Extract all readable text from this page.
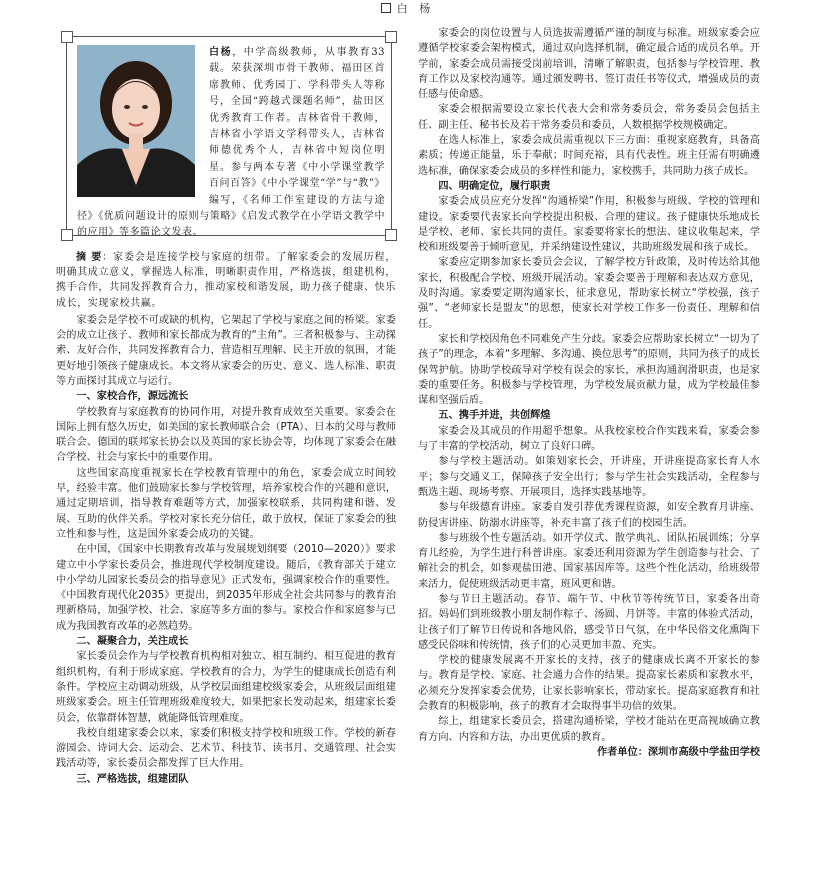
白 杨
白杨，中学高级教师，从事教育33载。荣获深圳市骨干教师、福田区首席教师、优秀园丁、学科带头人等称号，全国“跨越式课题名师”，盐田区优秀教育工作者。吉林省骨干教师，吉林省小学语文学科带头人，吉林省师德优秀个人，吉林省中短岗位明星。参与两本专著《中小学课堂教学百问百答》《中小学课堂“学”与“教”》编写，《名师工作室建设的方法与途径》《优质问题设计的原则与策略》《启发式教学在小学语文教学中的应用》等多篇论文发表。

摘 要：家委会是连接学校与家庭的纽带。了解家委会的发展历程，明确其成立意义，掌握选人标准，明晰职责作用，严格选拔，组建机构，携手合作，共同发挥教育合力，推动家校和谐发展，助力孩子健康、快乐成长，实现家校共赢。

家委会是学校不可或缺的机构，它架起了学校与家庭之间的桥梁。家委会的成立让孩子、教师和家长都成为教育的“主角”。三者积极参与、主动探索、友好合作，共同发挥教育合力，营造相互理解、民主开放的氛围，才能更好地引领孩子健康成长。本文将从家委会的历史、意义、选人标准、职责等方面探讨其成立与运行。

一、家校合作，源远流长

学校教育与家庭教育的协同作用，对提升教育成效至关重要。家委会在国际上拥有悠久历史，如美国的家长教师联合会（PTA）、日本的父母与教师联合会、德国的联邦家长协会以及英国的家长协会等，均体现了家委会在融合学校、社会与家长中的重要作用。

这些国家高度重视家长在学校教育管理中的角色，家委会成立时间较早，经验丰富。他们鼓励家长参与学校管理，培养家校合作的兴趣和意识，通过定期培训，指导教育难题等方式，加强家校联系，共同构建和谐、发展、互助的伙伴关系。学校对家长充分信任，敢于放权，保证了家委会的独立性和参与性，这是国外家委会成功的关键。

在中国，《国家中长期教育改革与发展规划纲要（2010—2020）》要求建立中小学家长委员会，推进现代学校制度建设。随后，《教育部关于建立中小学幼儿园家长委员会的指导意见》正式发布，强调家校合作的重要性。《中国教育现代化2035》更提出，到2035年形成全社会共同参与的教育治理新格局，加强学校、社会、家庭等多方面的参与。家校合作和家庭参与已成为我国教育改革的必然趋势。

二、凝聚合力，关注成长

家长委员会作为与学校教育机构相对独立、相互制约、相互促进的教育组织机构，有利于形成家庭、学校教育的合力，为学生的健康成长创造有利条件。学校应主动调动班级，从学校层面组建校级家委会，从班级层面组建班级家委会。班主任管理班级难度较大，如果把家长发动起来，组建家长委员会，依靠群体智慧，就能降低管理难度。

我校自组建家委会以来，家委们积极支持学校和班级工作。学校的新春游园会、诗词大会、运动会、艺术节、科技节、读书月、交通管理、社会实践活动等，家长委员会都发挥了巨大作用。

三、严格选拔，组建团队

家委会的岗位设置与人员选拔需遵循严谨的制度与标准。班级家委会应遵循学校家委会架构模式，通过双向选择机制，确定最合适的成员名单。开学前，家委会成员需接受岗前培训，清晰了解职责，包括参与学校管理、教育工作以及家校沟通等。通过颁发聘书、签订责任书等仪式，增强成员的责任感与使命感。

家委会根据需要设立家长代表大会和常务委员会，常务委员会包括主任、副主任、秘书长及若干常务委员和委员，人数根据学校规模确定。

在选人标准上，家委会成员需重视以下三方面：重视家庭教育，具备高素质；传递正能量，乐于奉献；时间充裕，具有代表性。班主任需有明确遴选标准，确保家委会成员的多样性和能力，家校携手，共同助力孩子成长。

四、明确定位，履行职责

家委会成员应充分发挥“沟通桥梁”作用，积极参与班级、学校的管理和建设。家委要代表家长向学校提出积极、合理的建议。孩子健康快乐地成长是学校、老师、家长共同的责任。家委要将家长的想法、建议收集起来，学校和班级要善于倾听意见，并采纳建设性建议，共助班级发展和孩子成长。

家委应定期参加家长委员会会议，了解学校方针政策，及时传达给其他家长，积极配合学校、班级开展活动。家委会要善于理解和表达双方意见，及时沟通。家委要定期沟通家长，征求意见，帮助家长树立“学校强，孩子强”、“老师家长是盟友”的思想，使家长对学校工作多一份责任、理解和信任。

家长和学校因角色不同难免产生分歧。家委会应帮助家长树立“一切为了孩子”的理念，本着“多理解、多沟通、换位思考”的原则，共同为孩子的成长保驾护航。协助学校疏导对学校有误会的家长，承担沟通润滑职责，也是家委的重要任务。积极参与学校管理，为学校发展贡献力量，成为学校最佳参谋和坚强后盾。

五、携手并进，共创辉煌

家委会及其成员的作用超乎想象。从我校家校合作实践来看，家委会参与了丰富的学校活动，树立了良好口碑。

参与学校主题活动。如策划家长会，开讲座，开讲座提高家长育人水平；参与交通义工，保障孩子安全出行；参与学生社会实践活动，全程参与甄选主题、现场考察、开展项目，选择实践基地等。

参与年级德育讲座。家委自发引荐优秀课程资源，如安全教育月讲座、防侵害讲座、防溺水讲座等，补充丰富了孩子们的校园生活。

参与班级个性专题活动。如开学仪式、散学典礼、团队拓展训练；分享育儿经验，为学生进行科普讲座。家委还利用资源为学生创造参与社会、了解社会的机会，如参观盐田港、国家基因库等。这些个性化活动，给班级带来活力，促使班级活动更丰富，班风更和谐。

参与节日主题活动。春节、端午节、中秋节等传统节日，家委各出奇招。妈妈们到班级教小朋友制作粽子、汤圆、月饼等。丰富的体验式活动，让孩子们了解节日传说和各地风俗，感受节日气氛，在中华民俗文化熏陶下感受民俗味和传统情，孩子们的心灵更加丰盈、充实。

学校的健康发展离不开家长的支持，孩子的健康成长离不开家长的参与。教育是学校、家庭、社会通力合作的结果。提高家长素质和家教水平，必须充分发挥家委会优势，让家长影响家长，带动家长。提高家庭教育和社会教育的积极影响，孩子的教育才会取得事半功倍的效果。

综上，组建家长委员会，搭建沟通桥梁，学校才能站在更高视域确立教育方向、内容和方法，办出更优质的教育。

作者单位：深圳市高级中学盐田学校
